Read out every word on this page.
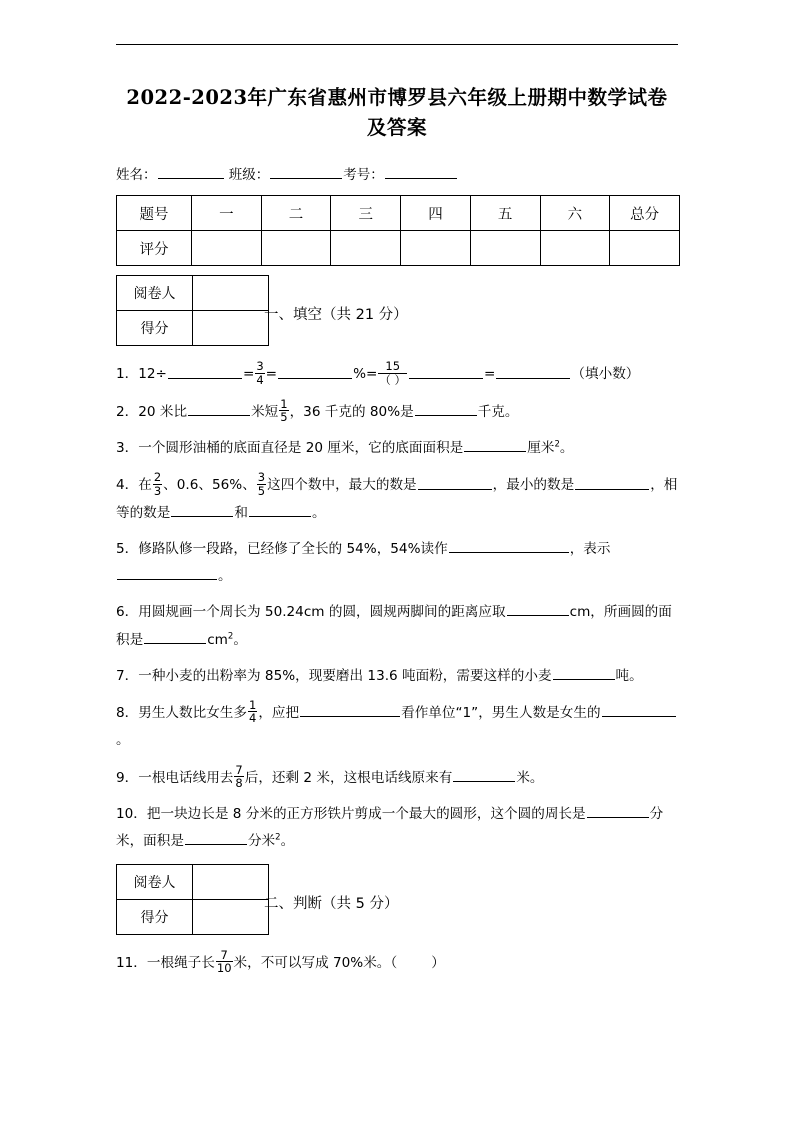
2022-2023年广东省惠州市博罗县六年级上册期中数学试卷
及答案
姓名：	班级：	考号：
题号	一	二	三	四	五	六	总分
评分							
阅卷人	
得分	
一、填空（共 21 分）
1．12÷	= $\frac{3}{4}$ =	%= $\frac{15}{( )}$	=	（填小数）
2．20 米比	米短 $\frac{1}{5}$ ，36 千克的 80%是	千克。
3．一个圆形油桶的底面直径是 20 厘米，它的底面面积是	厘米$^2$。
4．在 $\frac{2}{3}$ 、0.6、56%、 $\frac{3}{5}$ 这四个数中，最大的数是	，最小的数是	，相等的数是	和	。
5．修路队修一段路，已经修了全长的 54%，54%读作	，表示。
6．用圆规画一个周长为 50.24cm 的圆，圆规两脚间的距离应取	cm，所画圆的面积是	$cm^2$。
7．一种小麦的出粉率为 85%，现要磨出 13.6 吨面粉，需要这样的小麦	吨。
8．男生人数比女生多 $\frac{1}{4}$ ，应把	看作单位“1”，男生人数是女生的。
9．一根电话线用去 $\frac{7}{8}$ 后，还剩 2 米，这根电话线原来有	米。
10．把一块边长是 8 分米的正方形铁片剪成一个最大的圆形，这个圆的周长是	分米，面积是	分米$^2$。
阅卷人	
得分	
二、判断（共 5 分）
11．一根绳子长 $\frac{7}{10}$ 米，不可以写成 70%米。（	）
